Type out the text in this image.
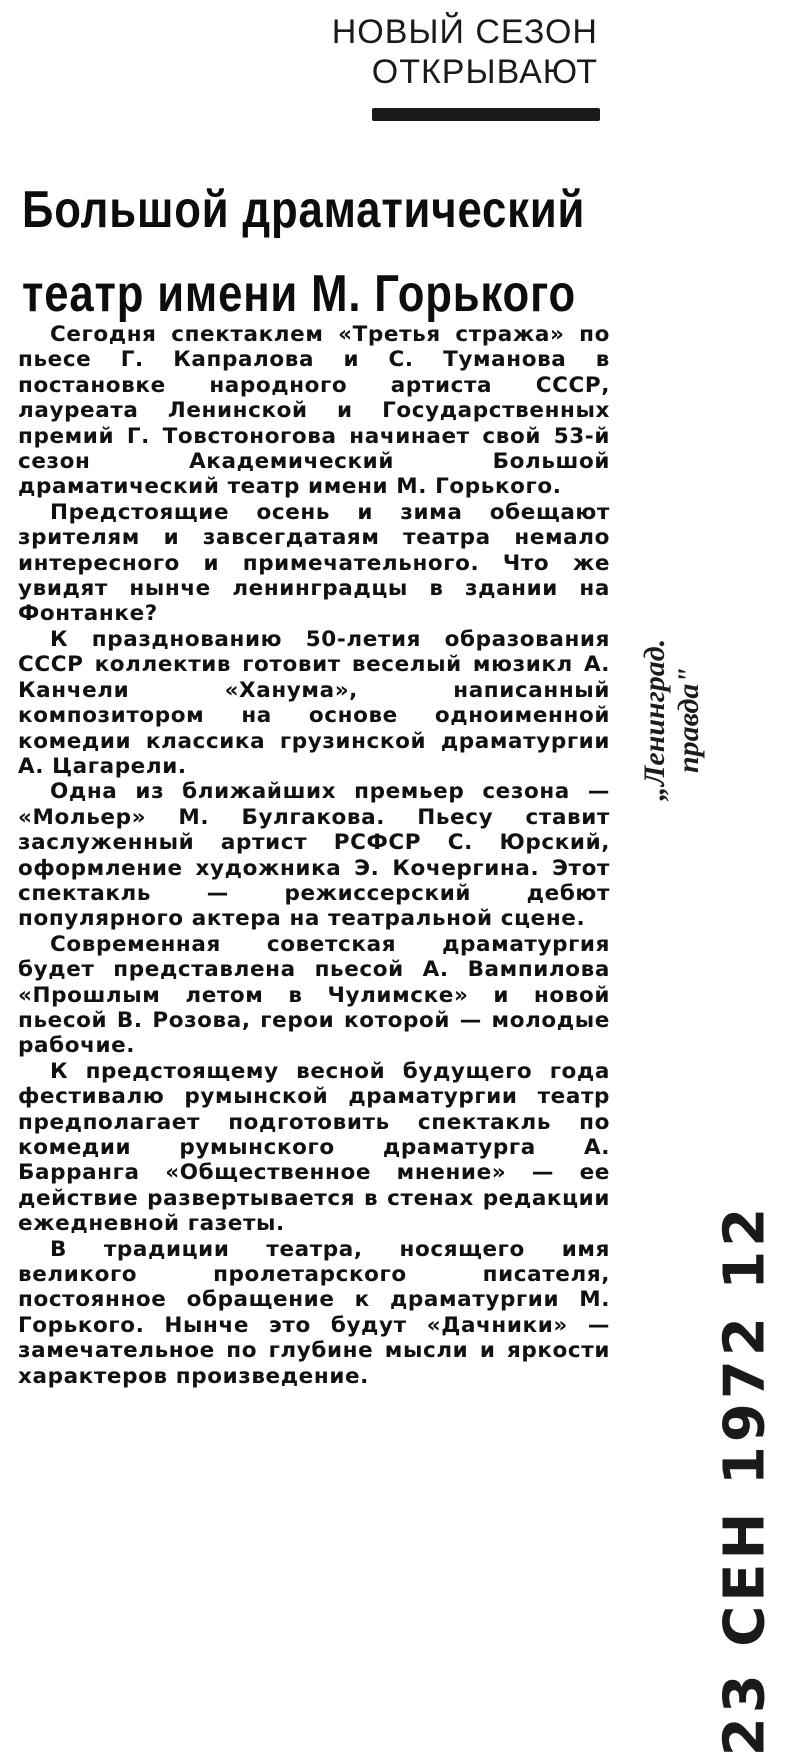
НОВЫЙ СЕЗОН
ОТКРЫВАЮТ
Большой драматический
театр имени М. Горького

Сегодня спектаклем «Третья стража» по пьесе Г. Капралова и С. Туманова в постановке народного артиста СССР, лауреата Ленинской и Государственных премий Г. Товстоногова начинает свой 53-й сезон Академический Большой драматический театр имени М. Горького.

Предстоящие осень и зима обещают зрителям и завсегдатаям театра немало интересного и примечательного. Что же увидят нынче ленинградцы в здании на Фонтанке?

К празднованию 50-летия образования СССР коллектив готовит веселый мюзикл А. Канчели «Ханума», написанный композитором на основе одноименной комедии классика грузинской драматургии А. Цагарели.

Одна из ближайших премьер сезона — «Мольер» М. Булгакова. Пьесу ставит заслуженный артист РСФСР С. Юрский, оформление художника Э. Кочергина. Этот спектакль — режиссерский дебют популярного актера на театральной сцене.

Современная советская драматургия будет представлена пьесой А. Вампилова «Прошлым летом в Чулимске» и новой пьесой В. Розова, герои которой — молодые рабочие.

К предстоящему весной будущего года фестивалю румынской драматургии театр предполагает подготовить спектакль по комедии румынского драматурга А. Барранга «Общественное мнение» — ее действие развертывается в стенах редакции ежедневной газеты.

В традиции театра, носящего имя великого пролетарского писателя, постоянное обращение к драматургии М. Горького. Нынче это будут «Дачники» — замечательное по глубине мысли и яркости характеров произведение.

„Ленинград. правда"
23 СЕН 1972 12
